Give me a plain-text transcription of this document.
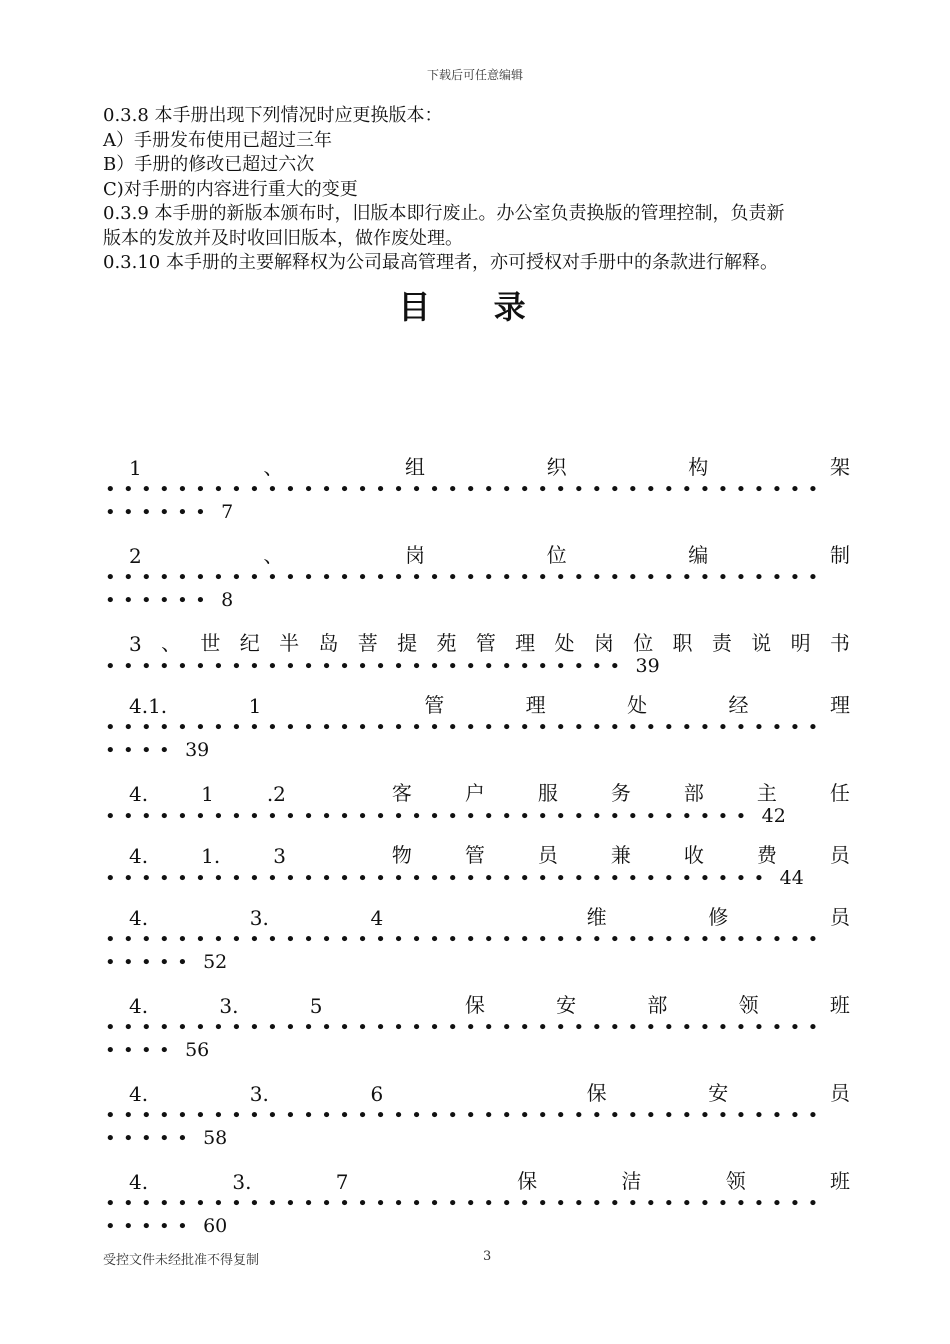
下载后可任意编辑

0.3.8 本手册出现下列情况时应更换版本：

A）手册发布使用已超过三年

B）手册的修改已超过六次

C)对手册的内容进行重大的变更

0.3.9 本手册的新版本颁布时，旧版本即行废止。办公室负责换版的管理控制，负责新

版本的发放并及时收回旧版本，做作废处理。

0.3.10 本手册的主要解释权为公司最高管理者，亦可授权对手册中的条款进行解释。

目 录
1	、	组	织	构	架
••••••••••••••••••••••••••••••••••••••••
•••••• 7
2	、	岗	位	编	制
••••••••••••••••••••••••••••••••••••••••
•••••• 8
3 、 世 纪 半 岛 菩 提 苑 管 理 处 岗 位 职 责 说 明 书
••••••••••••••••••••••••••••• 39
4.1.	1	管	理	处	经	理
••••••••••••••••••••••••••••••••••••••••
•••• 39
4.	1	.2	客	户	服	务	部	主	任
•••••••••••••••••••••••••••••••••••• 42
4.	1.	3	物	管	员	兼	收	费	员
••••••••••••••••••••••••••••••••••••• 44
4.	3.	4	维	修	员
••••••••••••••••••••••••••••••••••••••••
••••• 52
4.	3.	5	保	安	部	领	班
••••••••••••••••••••••••••••••••••••••••
•••• 56
4.	3.	6	保	安	员
••••••••••••••••••••••••••••••••••••••••
••••• 58
4.	3.	7	保	洁	领	班
••••••••••••••••••••••••••••••••••••••••
••••• 60
受控文件未经批准不得复制	3
